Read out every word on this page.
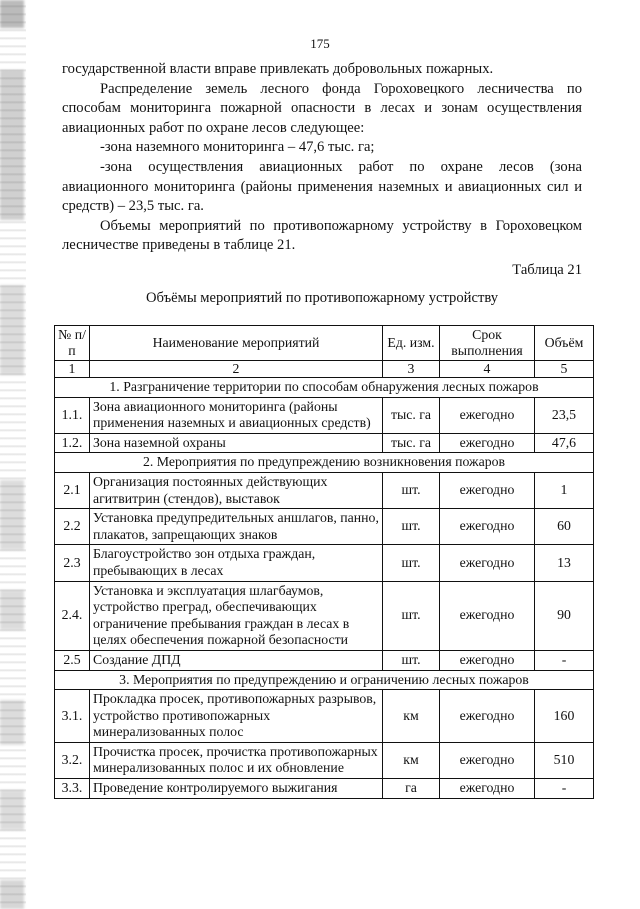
175

государственной власти вправе привлекать добровольных пожарных.

Распределение земель лесного фонда Гороховецкого лесничества по способам мониторинга пожарной опасности в лесах и зонам осуществления авиационных работ по охране лесов следующее:

-зона наземного мониторинга – 47,6 тыс. га;

-зона осуществления авиационных работ по охране лесов (зона авиационного мониторинга (районы применения наземных и авиационных сил и средств) – 23,5 тыс. га.

Объемы мероприятий по противопожарному устройству в Гороховецком лесничестве приведены в таблице 21.

Таблица 21
Объёмы мероприятий по противопожарному устройству
№ п/п	Наименование мероприятий	Ед. изм.	Срок выполнения	Объём
1	2	3	4	5
1. Разграничение территории по способам обнаружения лесных пожаров				
1.1.	Зона авиационного мониторинга (районы применения наземных и авиационных средств)	тыс. га	ежегодно	23,5
1.2.	Зона наземной охраны	тыс. га	ежегодно	47,6
2. Мероприятия по предупреждению возникновения пожаров				
2.1	Организация постоянных действующих агитвитрин (стендов), выставок	шт.	ежегодно	1
2.2	Установка предупредительных аншлагов, панно, плакатов, запрещающих знаков	шт.	ежегодно	60
2.3	Благоустройство зон отдыха граждан, пребывающих в лесах	шт.	ежегодно	13
2.4.	Установка и эксплуатация шлагбаумов, устройство преград, обеспечивающих ограничение пребывания граждан в лесах в целях обеспечения пожарной безопасности	шт.	ежегодно	90
2.5	Создание ДПД	шт.	ежегодно	-
3. Мероприятия по предупреждению и ограничению лесных пожаров				
3.1.	Прокладка просек, противопожарных разрывов, устройство противопожарных минерализованных полос	км	ежегодно	160
3.2.	Прочистка просек, прочистка противопожарных минерализованных полос и их обновление	км	ежегодно	510
3.3.	Проведение контролируемого выжигания	га	ежегодно	-
